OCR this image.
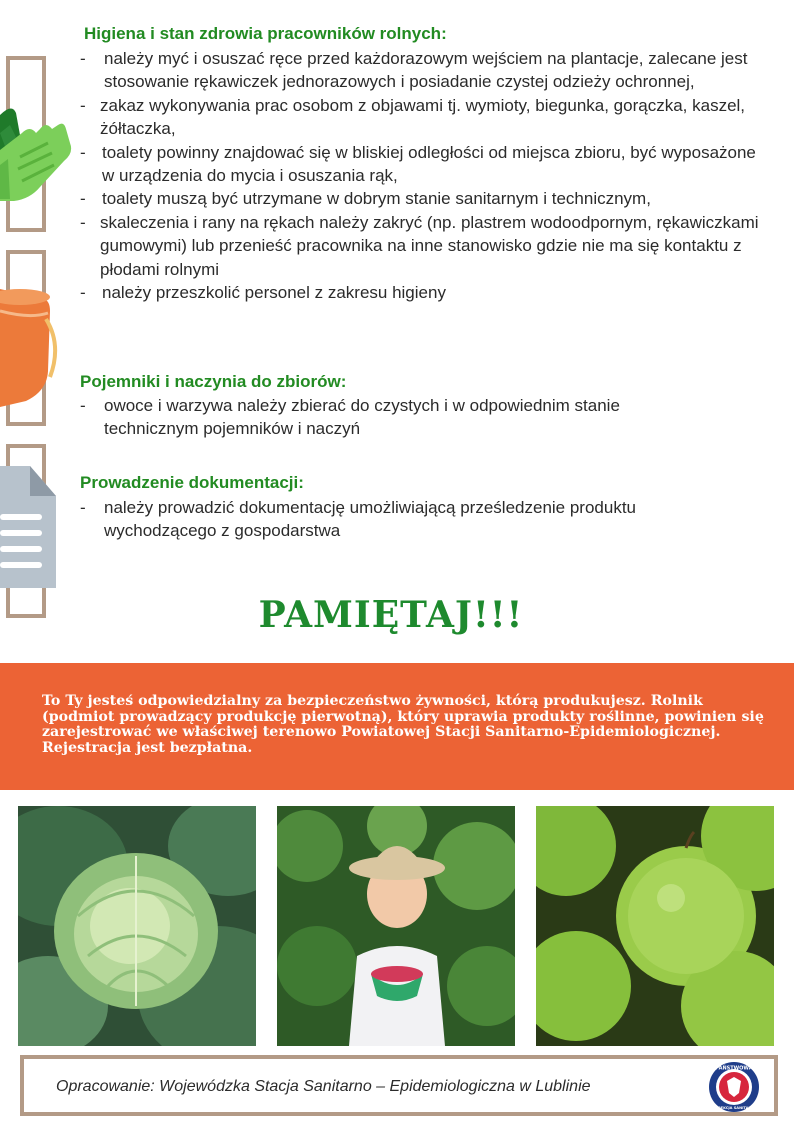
Higiena i stan zdrowia pracowników rolnych:
- należy myć i osuszać ręce przed każdorazowym wejściem na plantacje, zalecane jest stosowanie rękawiczek jednorazowych i posiadanie czystej odzieży ochronnej,
- zakaz wykonywania prac osobom z objawami tj. wymioty, biegunka, gorączka, kaszel, żółtaczka,
- toalety powinny znajdować się w bliskiej odległości od miejsca zbioru, być wyposażone w urządzenia do mycia i osuszania rąk,
- toalety muszą być utrzymane w dobrym stanie sanitarnym i technicznym,
- skaleczenia i rany na rękach należy zakryć (np. plastrem wodoodpornym, rękawiczkami gumowymi) lub przenieść pracownika na inne stanowisko gdzie nie ma się kontaktu z płodami rolnymi
- należy przeszkolić personel z zakresu higieny
Pojemniki i naczynia do zbiorów:
- owoce i warzywa należy zbierać do czystych i w odpowiednim stanie technicznym pojemników i naczyń
Prowadzenie dokumentacji:
- należy prowadzić dokumentację umożliwiającą prześledzenie produktu wychodzącego z gospodarstwa
PAMIĘTAJ!!!

To Ty jesteś odpowiedzialny za bezpieczeństwo żywności, którą produkujesz. Rolnik (podmiot prowadzący produkcję pierwotną), który uprawia produkty roślinne, powinien się zarejestrować we właściwej terenowo Powiatowej Stacji Sanitarno-Epidemiologicznej. Rejestracja jest bezpłatna.

Opracowanie: Wojewódzka Stacja Sanitarno – Epidemiologiczna w Lublinie

PAŃSTWOWA
INSPEKCJA SANITARNA
